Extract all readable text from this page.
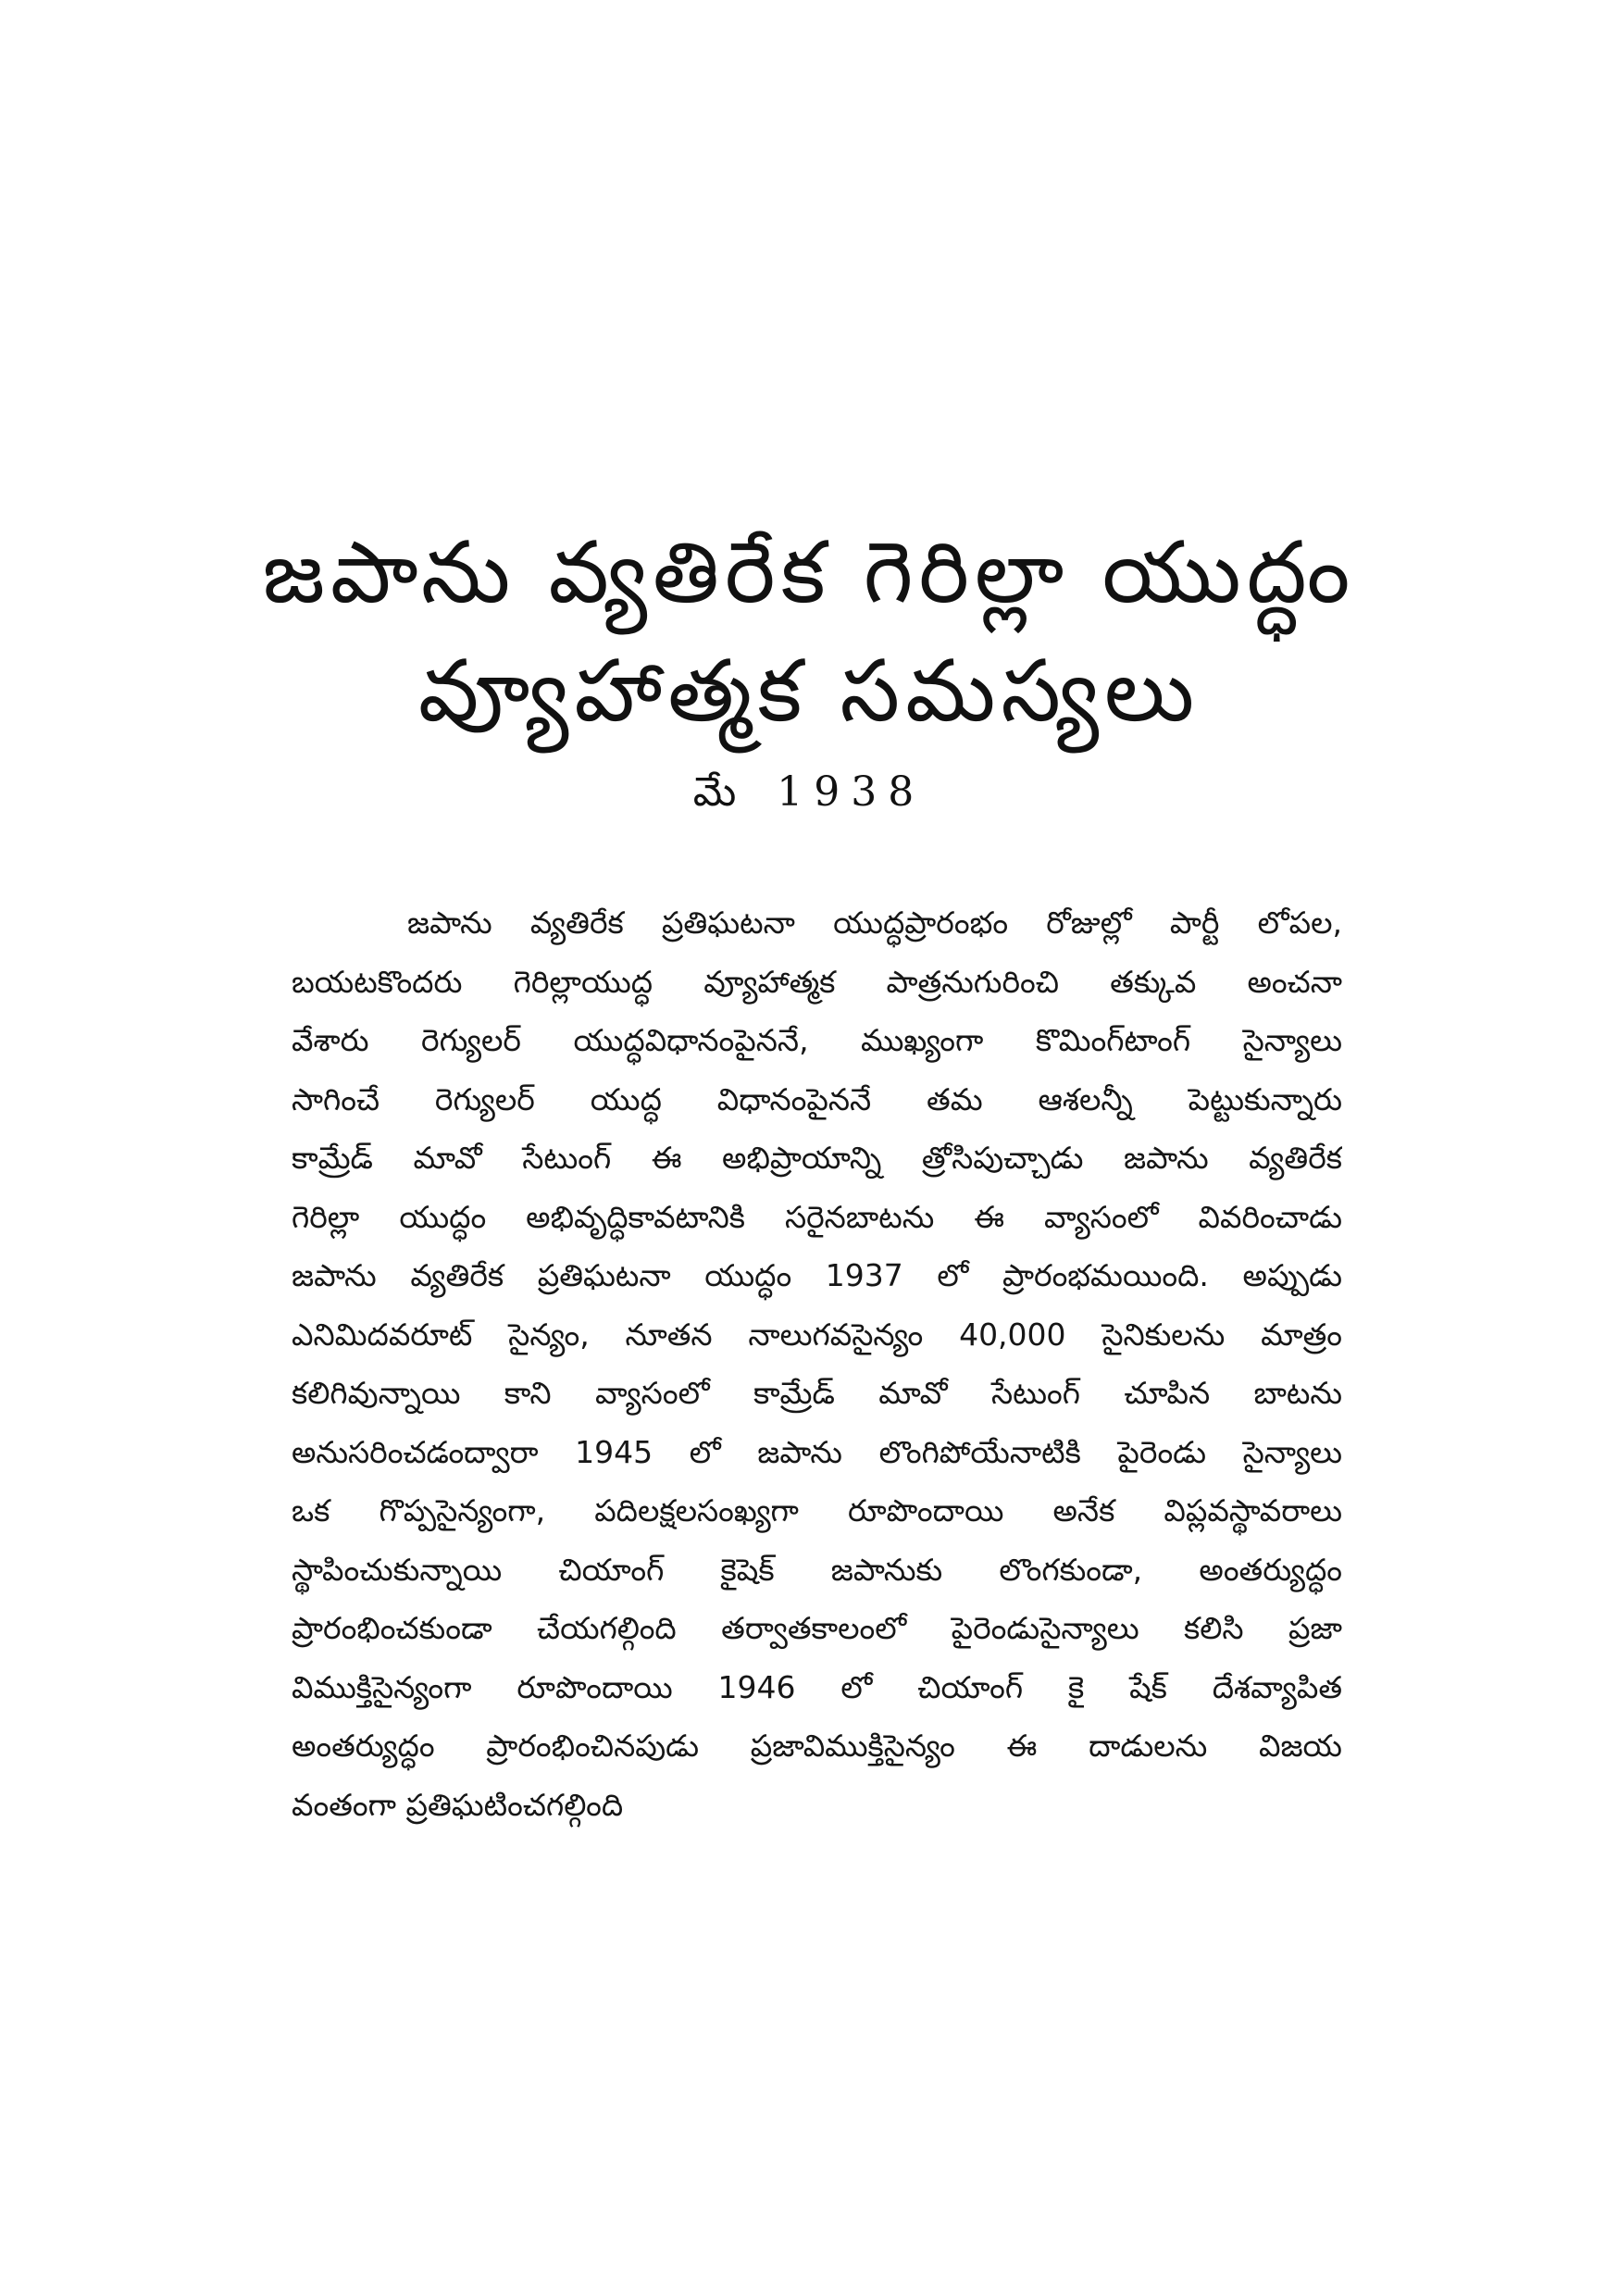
జపాను వ్యతిరేక గెరిల్లా యుద్ధం
వ్యూహాత్మక సమస్యలు
మే 1938
జపాను వ్యతిరేక ప్రతిఘటనా యుద్ధప్రారంభం రోజుల్లో పార్టీ లోపల,
బయటకొందరు గెరిల్లాయుద్ధ వ్యూహాత్మక పాత్రనుగురించి తక్కువ అంచనా
వేశారు రెగ్యులర్ యుద్ధవిధానంపైననే, ముఖ్యంగా కొమింగ్‌టాంగ్ సైన్యాలు
సాగించే రెగ్యులర్ యుద్ధ విధానంపైననే తమ ఆశలన్నీ పెట్టుకున్నారు
కామ్రేడ్ మావో సేటుంగ్ ఈ అభిప్రాయాన్ని త్రోసిపుచ్చాడు జపాను వ్యతిరేక
గెరిల్లా యుద్ధం అభివృద్ధికావటానికి సరైనబాటను ఈ వ్యాసంలో వివరించాడు
జపాను వ్యతిరేక ప్రతిఘటనా యుద్ధం 1937 లో ప్రారంభమయింది. అప్పుడు
ఎనిమిదవరూట్ సైన్యం, నూతన నాలుగవసైన్యం 40,000 సైనికులను మాత్రం
కలిగివున్నాయి కాని వ్యాసంలో కామ్రేడ్ మావో సేటుంగ్ చూపిన బాటను
అనుసరించడంద్వారా 1945 లో జపాను లొంగిపోయేనాటికి పైరెండు సైన్యాలు
ఒక గొప్పసైన్యంగా, పదిలక్షలసంఖ్యగా రూపొందాయి అనేక విప్లవస్థావరాలు
స్థాపించుకున్నాయి చియాంగ్ కైషెక్ జపానుకు లొంగకుండా, అంతర్యుద్ధం
ప్రారంభించకుండా చేయగల్గింది తర్వాతకాలంలో పైరెండుసైన్యాలు కలిసి ప్రజా
విముక్తిసైన్యంగా రూపొందాయి 1946 లో చియాంగ్ కై షేక్ దేశవ్యాపిత
అంతర్యుద్ధం ప్రారంభించినపుడు ప్రజావిముక్తిసైన్యం ఈ దాడులను విజయ
వంతంగా ప్రతిఘటించగల్గింది
